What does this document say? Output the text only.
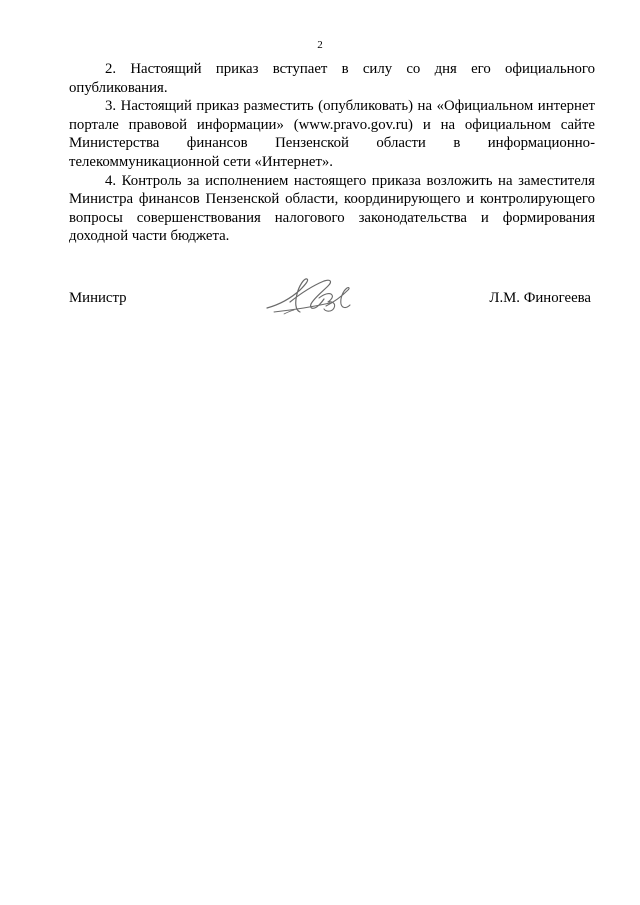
2

2. Настоящий приказ вступает в силу со дня его официального опубликования.

3. Настоящий приказ разместить (опубликовать) на «Официальном интернет портале правовой информации» (www.pravo.gov.ru) и на официальном сайте Министерства финансов Пензенской области в информационно-телекоммуникационной сети «Интернет».

4. Контроль за исполнением настоящего приказа возложить на заместителя Министра финансов Пензенской области, координирующего и контролирующего вопросы совершенствования налогового законодательства и формирования доходной части бюджета.

Министр	Л.М. Финогеева
